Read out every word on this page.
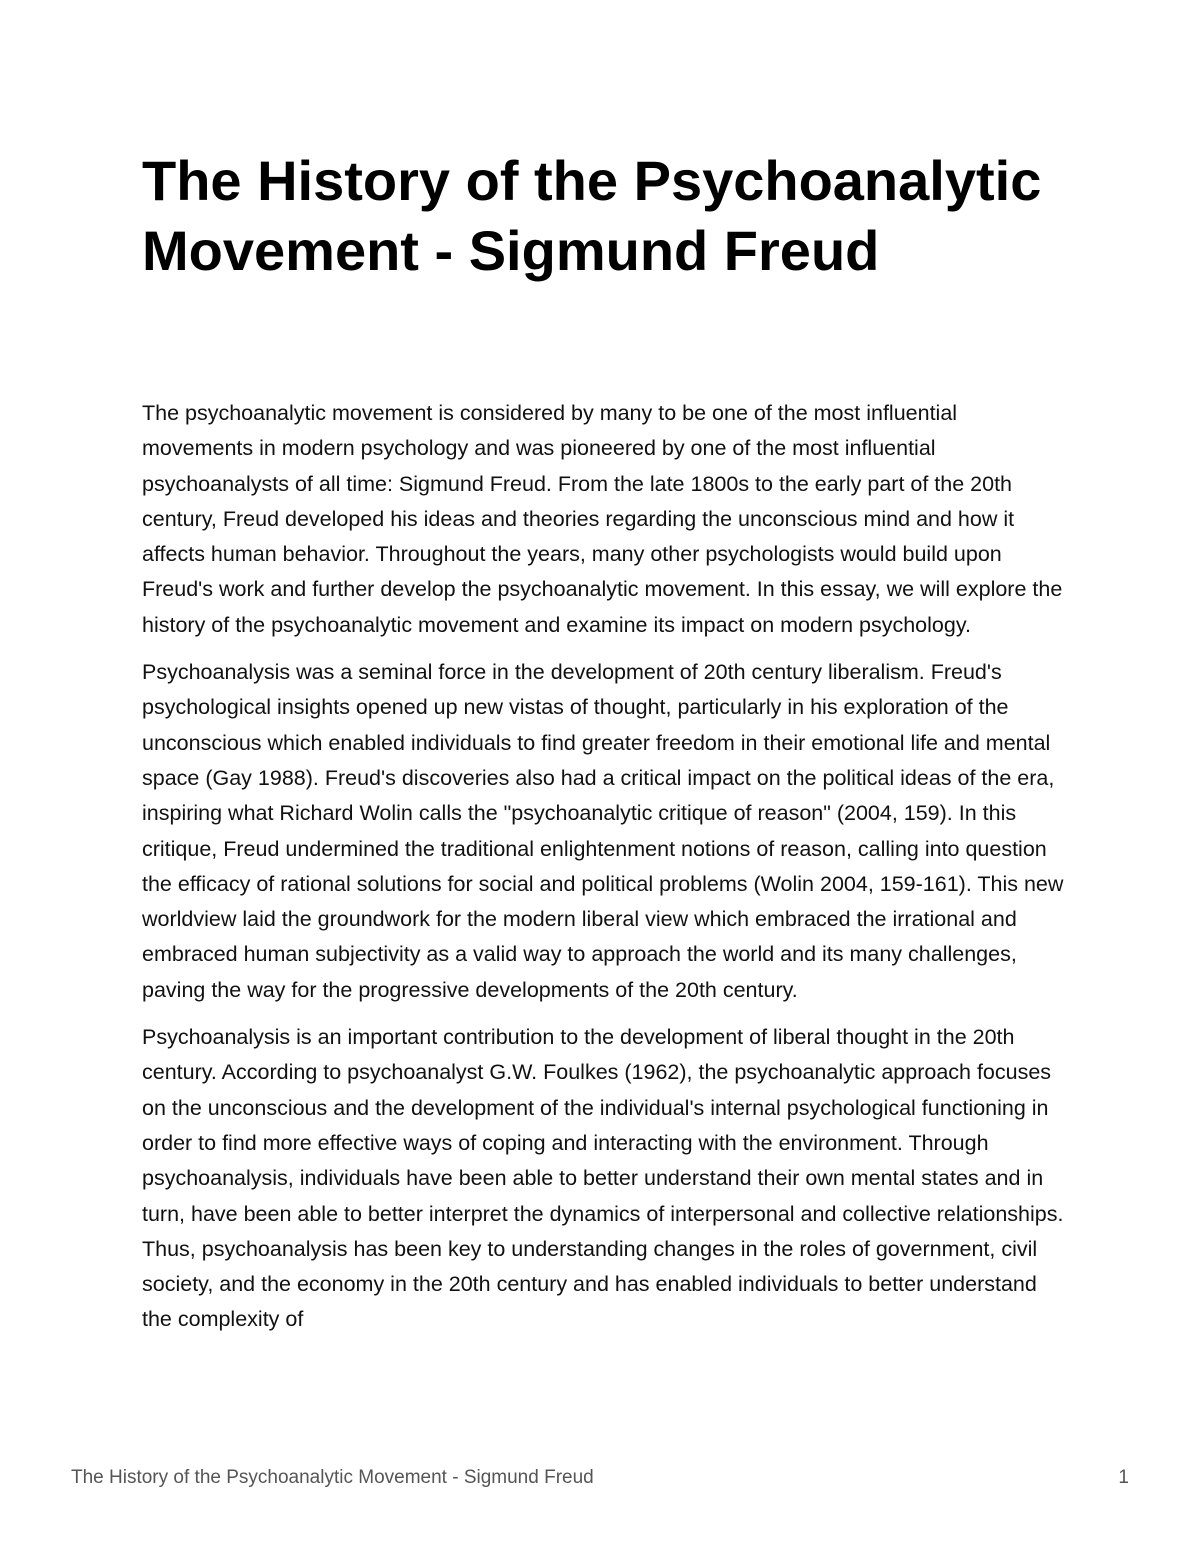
The History of the Psychoanalytic Movement - Sigmund Freud

The psychoanalytic movement is considered by many to be one of the most influential movements in modern psychology and was pioneered by one of the most influential psychoanalysts of all time: Sigmund Freud. From the late 1800s to the early part of the 20th century, Freud developed his ideas and theories regarding the unconscious mind and how it affects human behavior. Throughout the years, many other psychologists would build upon Freud's work and further develop the psychoanalytic movement. In this essay, we will explore the history of the psychoanalytic movement and examine its impact on modern psychology.

Psychoanalysis was a seminal force in the development of 20th century liberalism. Freud's psychological insights opened up new vistas of thought, particularly in his exploration of the unconscious which enabled individuals to find greater freedom in their emotional life and mental space (Gay 1988). Freud's discoveries also had a critical impact on the political ideas of the era, inspiring what Richard Wolin calls the "psychoanalytic critique of reason" (2004, 159). In this critique, Freud undermined the traditional enlightenment notions of reason, calling into question the efficacy of rational solutions for social and political problems (Wolin 2004, 159-161). This new worldview laid the groundwork for the modern liberal view which embraced the irrational and embraced human subjectivity as a valid way to approach the world and its many challenges, paving the way for the progressive developments of the 20th century.

Psychoanalysis is an important contribution to the development of liberal thought in the 20th century. According to psychoanalyst G.W. Foulkes (1962), the psychoanalytic approach focuses on the unconscious and the development of the individual's internal psychological functioning in order to find more effective ways of coping and interacting with the environment. Through psychoanalysis, individuals have been able to better understand their own mental states and in turn, have been able to better interpret the dynamics of interpersonal and collective relationships. Thus, psychoanalysis has been key to understanding changes in the roles of government, civil society, and the economy in the 20th century and has enabled individuals to better understand the complexity of

The History of the Psychoanalytic Movement - Sigmund Freud	1
